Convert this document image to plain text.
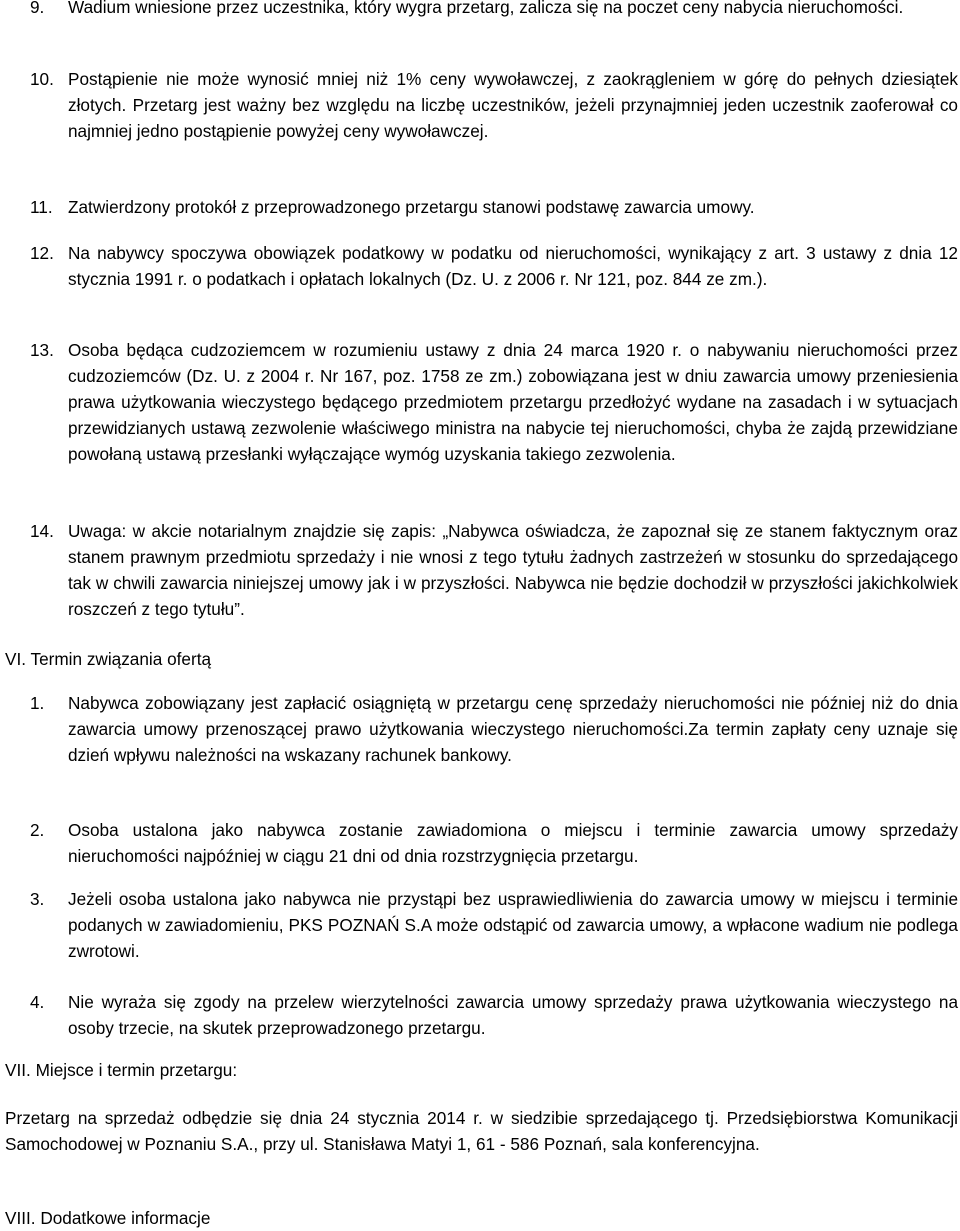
9. Wadium wniesione przez uczestnika, który wygra przetarg, zalicza się na poczet ceny nabycia nieruchomości.
10. Postąpienie nie może wynosić mniej niż 1% ceny wywoławczej, z zaokrągleniem w górę do pełnych dziesiątek złotych. Przetarg jest ważny bez względu na liczbę uczestników, jeżeli przynajmniej jeden uczestnik zaoferował co najmniej jedno postąpienie powyżej ceny wywoławczej.
11. Zatwierdzony protokół z przeprowadzonego przetargu stanowi podstawę zawarcia umowy.
12. Na nabywcy spoczywa obowiązek podatkowy w podatku od nieruchomości, wynikający z art. 3 ustawy z dnia 12 stycznia 1991 r. o podatkach i opłatach lokalnych (Dz. U. z 2006 r. Nr 121, poz. 844 ze zm.).
13. Osoba będąca cudzoziemcem w rozumieniu ustawy z dnia 24 marca 1920 r. o nabywaniu nieruchomości przez cudzoziemców (Dz. U. z 2004 r. Nr 167, poz. 1758 ze zm.) zobowiązana jest w dniu zawarcia umowy przeniesienia prawa użytkowania wieczystego będącego przedmiotem przetargu przedłożyć wydane na zasadach i w sytuacjach przewidzianych ustawą zezwolenie właściwego ministra na nabycie tej nieruchomości, chyba że zajdą przewidziane powołaną ustawą przesłanki wyłączające wymóg uzyskania takiego zezwolenia.
14. Uwaga: w akcie notarialnym znajdzie się zapis: „Nabywca oświadcza, że zapoznał się ze stanem faktycznym oraz stanem prawnym przedmiotu sprzedaży i nie wnosi z tego tytułu żadnych zastrzeżeń w stosunku do sprzedającego tak w chwili zawarcia niniejszej umowy jak i w przyszłości. Nabywca nie będzie dochodził w przyszłości jakichkolwiek roszczeń z tego tytułu”.
VI. Termin związania ofertą
1. Nabywca zobowiązany jest zapłacić osiągniętą w przetargu cenę sprzedaży nieruchomości nie później niż do dnia zawarcia umowy przenoszącej prawo użytkowania wieczystego nieruchomości.Za termin zapłaty ceny uznaje się dzień wpływu należności na wskazany rachunek bankowy.
2. Osoba ustalona jako nabywca zostanie zawiadomiona o miejscu i terminie zawarcia umowy sprzedaży nieruchomości najpóźniej w ciągu 21 dni od dnia rozstrzygnięcia przetargu.
3. Jeżeli osoba ustalona jako nabywca nie przystąpi bez usprawiedliwienia do zawarcia umowy w miejscu i terminie podanych w zawiadomieniu, PKS POZNAŃ S.A może odstąpić od zawarcia umowy, a wpłacone wadium nie podlega zwrotowi.
4. Nie wyraża się zgody na przelew wierzytelności zawarcia umowy sprzedaży prawa użytkowania wieczystego na osoby trzecie, na skutek przeprowadzonego przetargu.
VII. Miejsce i termin przetargu:
Przetarg na sprzedaż odbędzie się dnia 24 stycznia 2014 r. w siedzibie sprzedającego tj. Przedsiębiorstwa Komunikacji Samochodowej w Poznaniu S.A., przy ul. Stanisława Matyi 1, 61 - 586 Poznań, sala konferencyjna.
VIII. Dodatkowe informacje
